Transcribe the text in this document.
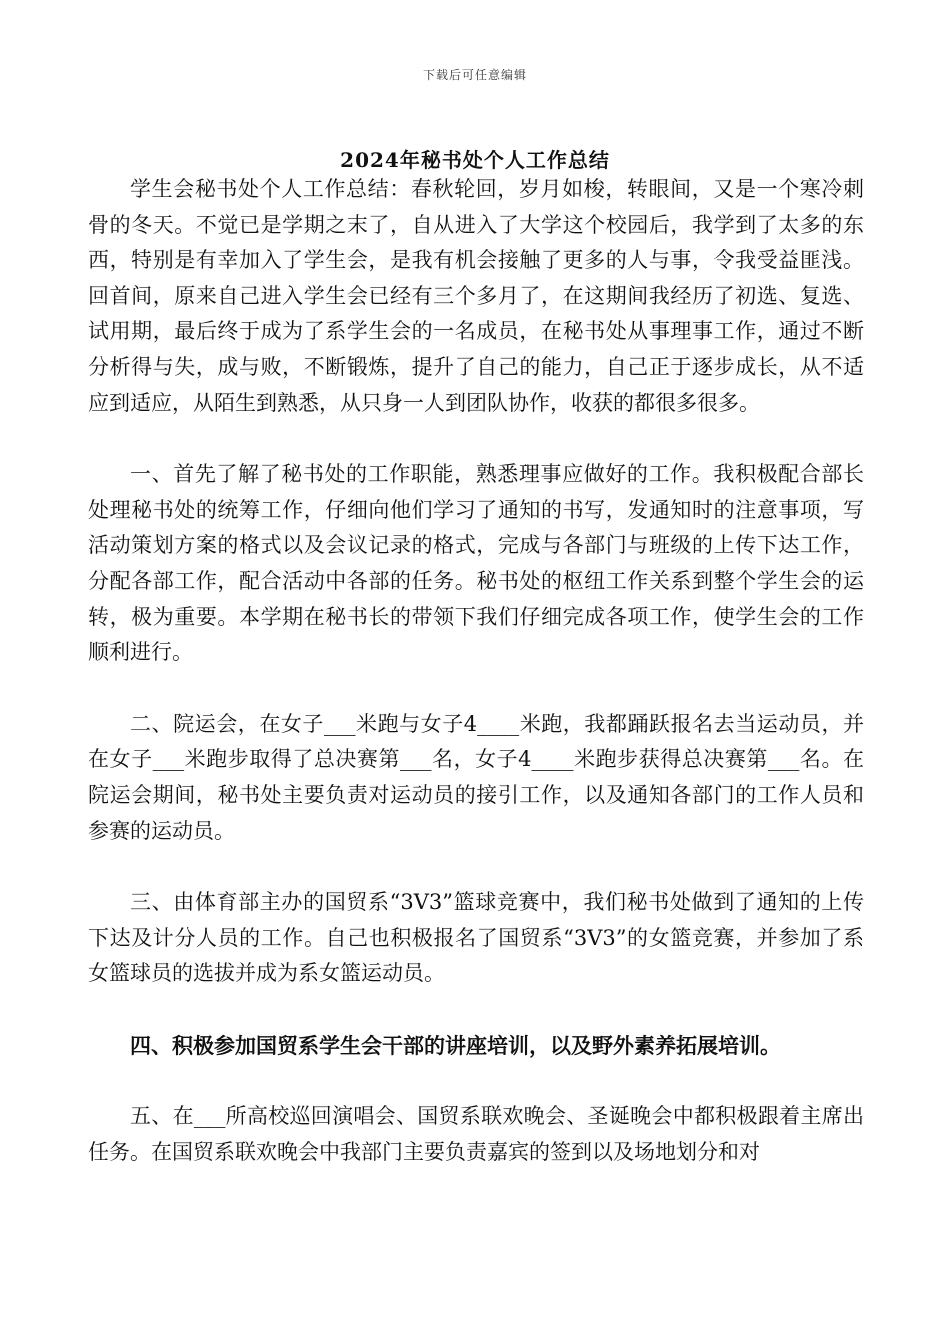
下载后可任意编辑
2024年秘书处个人工作总结

学生会秘书处个人工作总结：春秋轮回，岁月如梭，转眼间，又是一个寒冷刺骨的冬天。不觉已是学期之末了，自从进入了大学这个校园后，我学到了太多的东西，特别是有幸加入了学生会，是我有机会接触了更多的人与事，令我受益匪浅。回首间，原来自己进入学生会已经有三个多月了，在这期间我经历了初选、复选、试用期，最后终于成为了系学生会的一名成员，在秘书处从事理事工作，通过不断分析得与失，成与败，不断锻炼，提升了自己的能力，自己正于逐步成长，从不适应到适应，从陌生到熟悉，从只身一人到团队协作，收获的都很多很多。

一、首先了解了秘书处的工作职能，熟悉理事应做好的工作。我积极配合部长处理秘书处的统筹工作，仔细向他们学习了通知的书写，发通知时的注意事项，写活动策划方案的格式以及会议记录的格式，完成与各部门与班级的上传下达工作，分配各部工作，配合活动中各部的任务。秘书处的枢纽工作关系到整个学生会的运转，极为重要。本学期在秘书长的带领下我们仔细完成各项工作，使学生会的工作顺利进行。

二、院运会，在女子___米跑与女子4____米跑，我都踊跃报名去当运动员，并在女子___米跑步取得了总决赛第___名，女子4____米跑步获得总决赛第___名。在院运会期间，秘书处主要负责对运动员的接引工作，以及通知各部门的工作人员和参赛的运动员。

三、由体育部主办的国贸系“3V3”篮球竞赛中，我们秘书处做到了通知的上传下达及计分人员的工作。自己也积极报名了国贸系“3V3”的女篮竞赛，并参加了系女篮球员的选拔并成为系女篮运动员。

四、积极参加国贸系学生会干部的讲座培训，以及野外素养拓展培训。

五、在___所高校巡回演唱会、国贸系联欢晚会、圣诞晚会中都积极跟着主席出任务。在国贸系联欢晚会中我部门主要负责嘉宾的签到以及场地划分和对
